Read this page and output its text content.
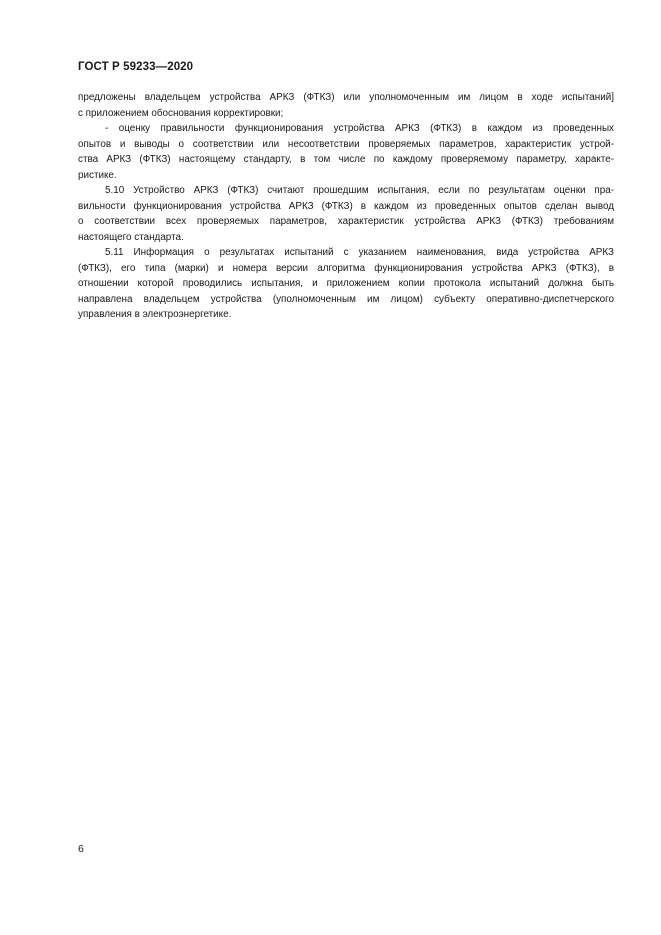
ГОСТ Р 59233—2020
предложены владельцем устройства АРКЗ (ФТКЗ) или уполномоченным им лицом в ходе испытаний]
с приложением обоснования корректировки;
- оценку правильности функционирования устройства АРКЗ (ФТКЗ) в каждом из проведенных
опытов и выводы о соответствии или несоответствии проверяемых параметров, характеристик устрой-
ства АРКЗ (ФТКЗ) настоящему стандарту, в том числе по каждому проверяемому параметру, характе-
ристике.
5.10 Устройство АРКЗ (ФТКЗ) считают прошедшим испытания, если по результатам оценки пра-
вильности функционирования устройства АРКЗ (ФТКЗ) в каждом из проведенных опытов сделан вывод
о соответствии всех проверяемых параметров, характеристик устройства АРКЗ (ФТКЗ) требованиям
настоящего стандарта.
5.11 Информация о результатах испытаний с указанием наименования, вида устройства АРКЗ
(ФТКЗ), его типа (марки) и номера версии алгоритма функционирования устройства АРКЗ (ФТКЗ), в
отношении которой проводились испытания, и приложением копии протокола испытаний должна быть
направлена владельцем устройства (уполномоченным им лицом) субъекту оперативно-диспетчерского
управления в электроэнергетике.
6
